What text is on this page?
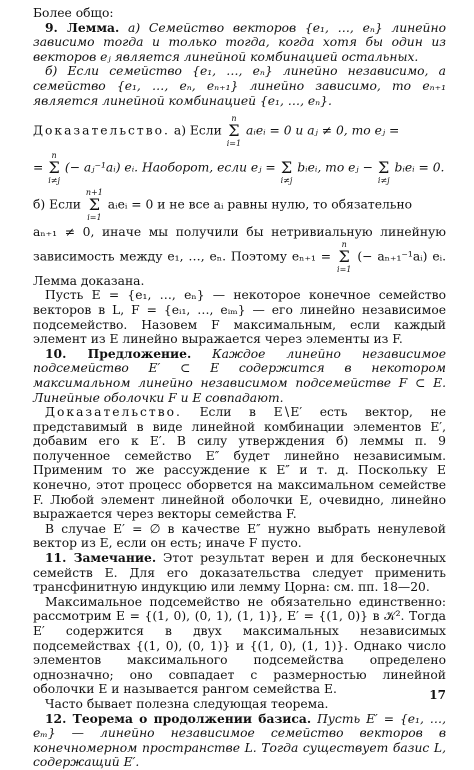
Более общо:

9. Лемма. а) Семейство векторов {e₁, …, eₙ} линейно зависимо тогда и только тогда, когда хотя бы один из векторов eⱼ является линейной комбинацией остальных.

б) Если семейство {e₁, …, eₙ} линейно независимо, а семейство {e₁, …, eₙ, eₙ₊₁} линейно зависимо, то eₙ₊₁ является линейной комбинацией {e₁, …, eₙ}.

Доказательство. а) Если
n
Σ
i=1
aᵢeᵢ = 0 и aⱼ ≠ 0, то eⱼ =
=
n
Σ
i≠j
(− aⱼ⁻¹aᵢ) eᵢ. Наоборот, если eⱼ =
Σ
i≠j
bᵢeᵢ, то eⱼ −
Σ
i≠j
bᵢeᵢ = 0.
б) Если
n+1
Σ
i=1
aᵢeᵢ = 0 и не все aᵢ равны нулю, то обязательно

aₙ₊₁ ≠ 0, иначе мы получили бы нетривиальную линейную зависимость между e₁, …, eₙ. Поэтому eₙ₊₁ =
n
Σ
i=1
(− aₙ₊₁⁻¹aᵢ) eᵢ. Лемма доказана.

Пусть E = {e₁, …, eₙ} — некоторое конечное семейство векторов в L, F = {eᵢ₁, …, eᵢₘ} — его линейно независимое подсемейство. Назовем F максимальным, если каждый элемент из E линейно выражается через элементы из F.

10. Предложение. Каждое линейно независимое подсемейство E′ ⊂ E содержится в некотором максимальном линейно независимом подсемействе F ⊂ E. Линейные оболочки F и E совпадают.

Доказательство. Если в E∖E′ есть вектор, не представимый в виде линейной комбинации элементов E′, добавим его к E′. В силу утверждения б) леммы п. 9 полученное семейство E″ будет линейно независимым. Применим то же рассуждение к E″ и т. д. Поскольку E конечно, этот процесс оборвется на максимальном семействе F. Любой элемент линейной оболочки E, очевидно, линейно выражается через векторы семейства F.

В случае E′ = ∅ в качестве E″ нужно выбрать ненулевой вектор из E, если он есть; иначе F пусто.

11. Замечание. Этот результат верен и для бесконечных семейств E. Для его доказательства следует применить трансфинитную индукцию или лемму Цорна: см. пп. 18—20.

Максимальное подсемейство не обязательно единственно: рассмотрим E = {(1, 0), (0, 1), (1, 1)}, E′ = {(1, 0)} в 𝒦². Тогда E′ содержится в двух максимальных независимых подсемействах {(1, 0), (0, 1)} и {(1, 0), (1, 1)}. Однако число элементов максимального подсемейства определено однозначно; оно совпадает с размерностью линейной оболочки E и называется рангом семейства E.

Часто бывает полезна следующая теорема.

12. Теорема о продолжении базиса. Пусть E′ = {e₁, …, eₘ} — линейно независимое семейство векторов в конечномерном пространстве L. Тогда существует базис L, содержащий E′.

17
